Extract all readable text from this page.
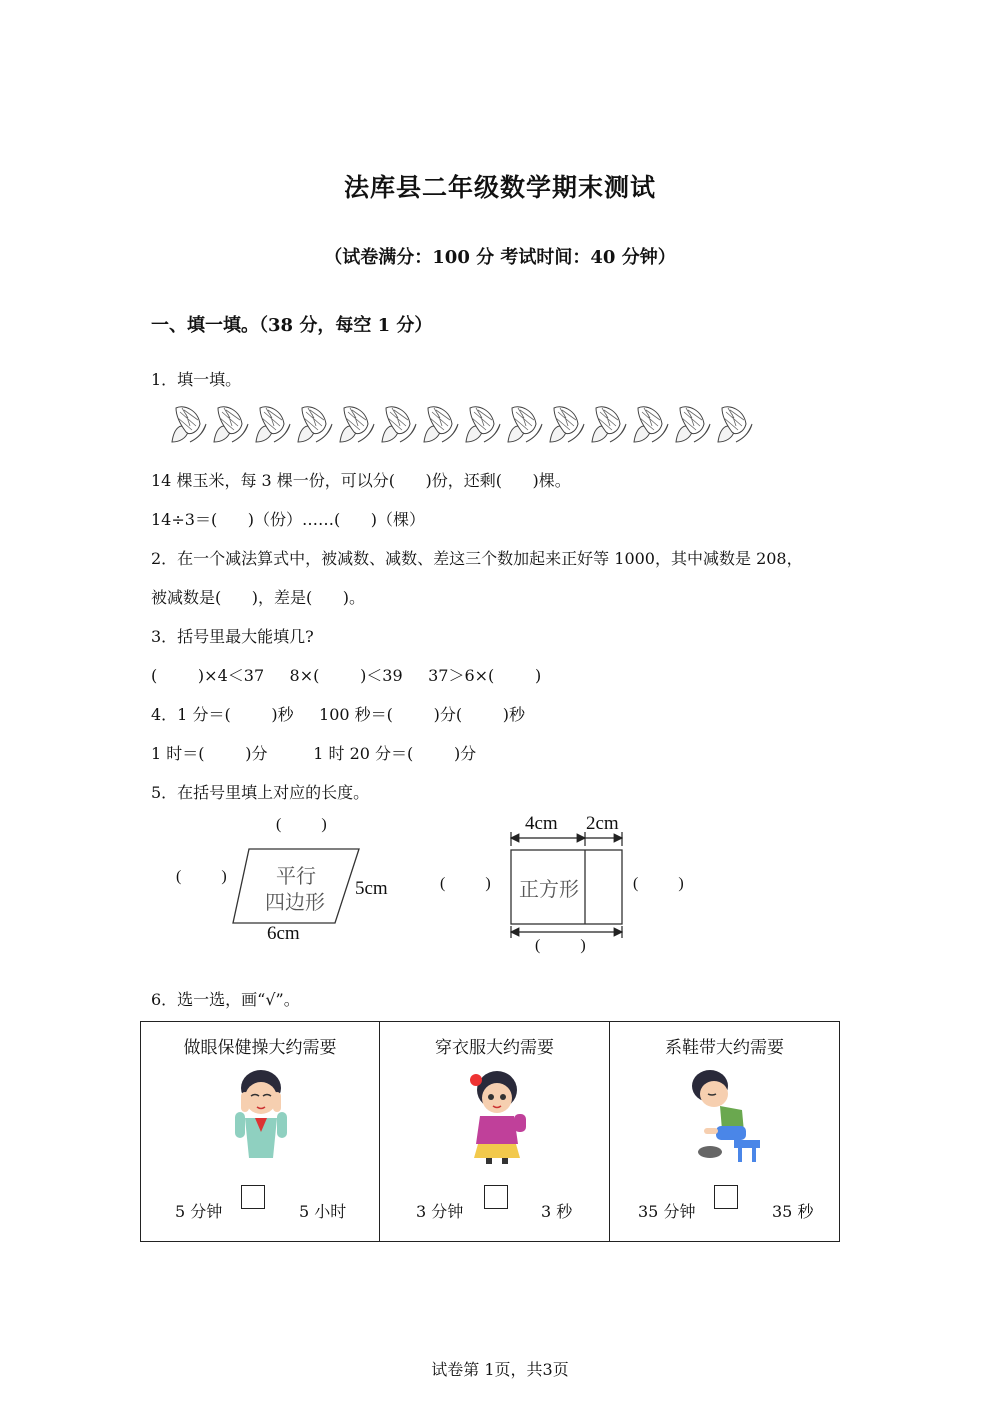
法库县二年级数学期末测试
（试卷满分：100 分 考试时间：40 分钟）
一、填一填。（38 分，每空 1 分）
1．填一填。
14 棵玉米，每 3 棵一份，可以分(      )份，还剩(      )棵。
14÷3＝(      )（份）……(      )（棵）
2．在一个减法算式中，被减数、减数、差这三个数加起来正好等 1000，其中减数是 208，
被减数是(      )，差是(      )。
3．括号里最大能填几?
(        )×4＜37     8×(        )＜39     37＞6×(        )
4．1 分＝(        )秒     100 秒＝(        )分(        )秒
1 时＝(        )分         1 时 20 分＝(        )分
5．在括号里填上对应的长度。
(          )
(          ) 平行
四边形
5cm
6cm
4cm 2cm
(          ) 正方形	(          )
(          )
6．选一选，画“√”。
做眼保健操大约需要
5 分钟	5 小时
穿衣服大约需要
3 分钟	3 秒
系鞋带大约需要
35 分钟	35 秒
试卷第 1页，共3页
